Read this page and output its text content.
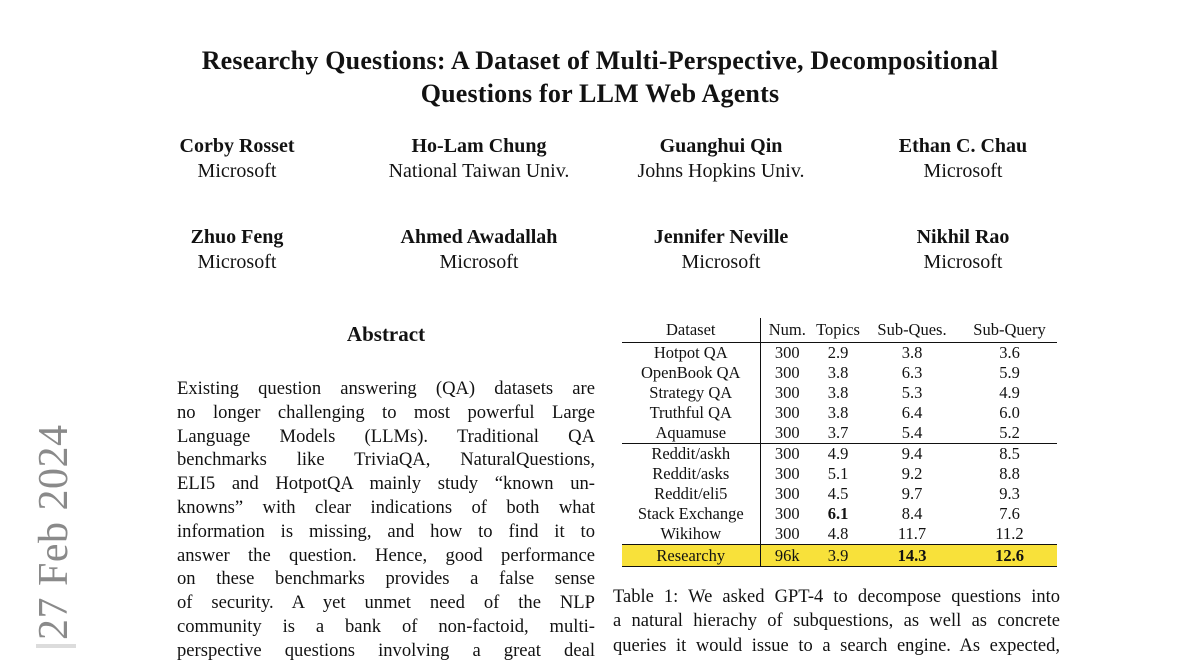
27 Feb 2024
Researchy Questions: A Dataset of Multi-Perspective, Decompositional
Questions for LLM Web Agents
Corby Rosset
Microsoft
Ho-Lam Chung
National Taiwan Univ.
Guanghui Qin
Johns Hopkins Univ.
Ethan C. Chau
Microsoft
Zhuo Feng
Microsoft
Ahmed Awadallah
Microsoft
Jennifer Neville
Microsoft
Nikhil Rao
Microsoft
Abstract
Existing question answering (QA) datasets are
no longer challenging to most powerful Large
Language Models (LLMs). Traditional QA
benchmarks like TriviaQA, NaturalQuestions,
ELI5 and HotpotQA mainly study “known un-
knowns” with clear indications of both what
information is missing, and how to find it to
answer the question. Hence, good performance
on these benchmarks provides a false sense
of security. A yet unmet need of the NLP
community is a bank of non-factoid, multi-
perspective questions involving a great deal
Dataset	Num.	Topics	Sub-Ques.	Sub-Query
Hotpot QA	300	2.9	3.8	3.6
OpenBook QA	300	3.8	6.3	5.9
Strategy QA	300	3.8	5.3	4.9
Truthful QA	300	3.8	6.4	6.0
Aquamuse	300	3.7	5.4	5.2
Reddit/askh	300	4.9	9.4	8.5
Reddit/asks	300	5.1	9.2	8.8
Reddit/eli5	300	4.5	9.7	9.3
Stack Exchange	300	6.1	8.4	7.6
Wikihow	300	4.8	11.7	11.2
Researchy	96k	3.9	14.3	12.6
Table 1: We asked GPT-4 to decompose questions into
a natural hierachy of subquestions, as well as concrete
queries it would issue to a search engine. As expected,
